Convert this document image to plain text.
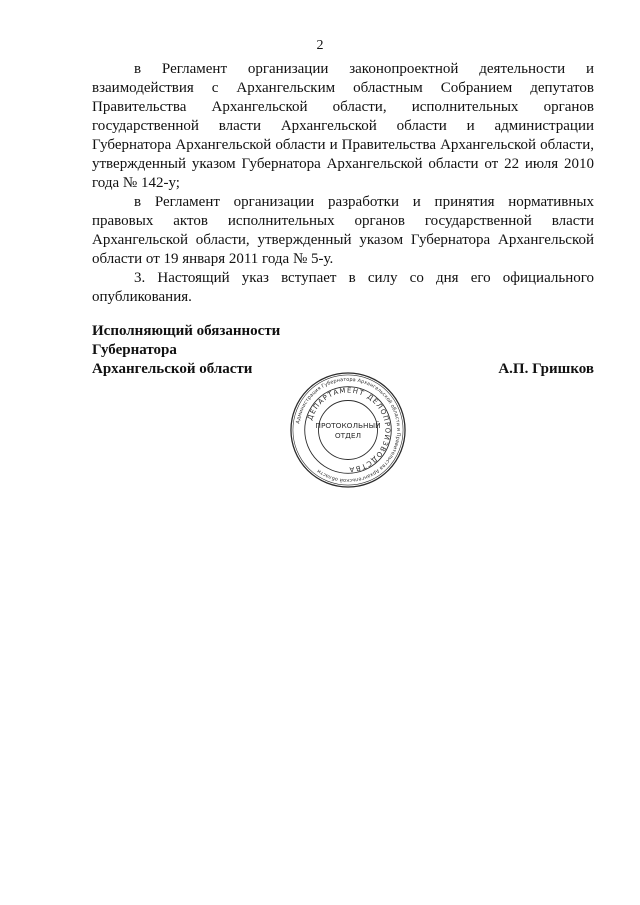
2

в Регламент организации законопроектной деятельности и взаимодействия с Архангельским областным Собранием депутатов Правительства Архангельской области, исполнительных органов государственной власти Архангельской области и администрации Губернатора Архангельской области и Правительства Архангельской области, утвержденный указом Губернатора Архангельской области от 22 июля 2010 года № 142-у;

в Регламент организации разработки и принятия нормативных правовых актов исполнительных органов государственной власти Архангельской области, утвержденный указом Губернатора Архангельской области от 19 января 2011 года № 5-у.

3. Настоящий указ вступает в силу со дня его официального опубликования.

Исполняющий обязанности
Губернатора
Архангельской области	А.П. Гришков
Администрация Губернатора Архангельской области и Правительства Архангельской области
ДЕПАРТАМЕНТ ДЕЛОПРОИЗВОДСТВА
ПРОТОКОЛЬНЫЙ
ОТДЕЛ
